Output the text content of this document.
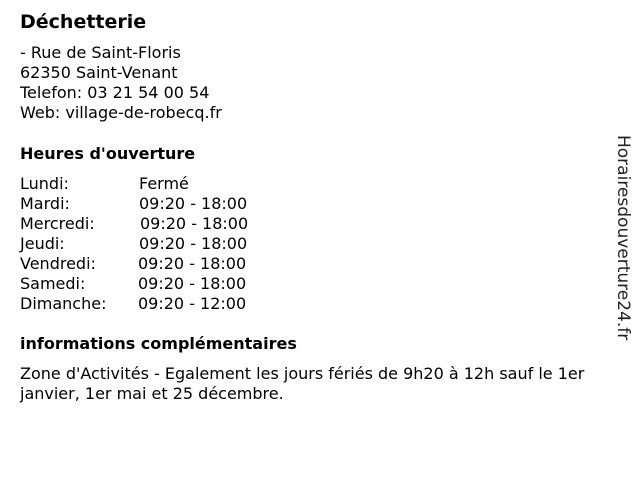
Déchetterie
- Rue de Saint-Floris
62350 Saint-Venant
Telefon: 03 21 54 00 54
Web: village-de-robecq.fr
Heures d'ouverture
Lundi:	Fermé
Mardi:	09:20 - 18:00
Mercredi:	09:20 - 18:00
Jeudi:	09:20 - 18:00
Vendredi:	09:20 - 18:00
Samedi:	09:20 - 18:00
Dimanche: 09:20 - 12:00
informations complémentaires
Zone d'Activités - Egalement les jours fériés de 9h20 à 12h sauf le 1er janvier, 1er mai et 25 décembre.
Horairesdouverture24.fr
